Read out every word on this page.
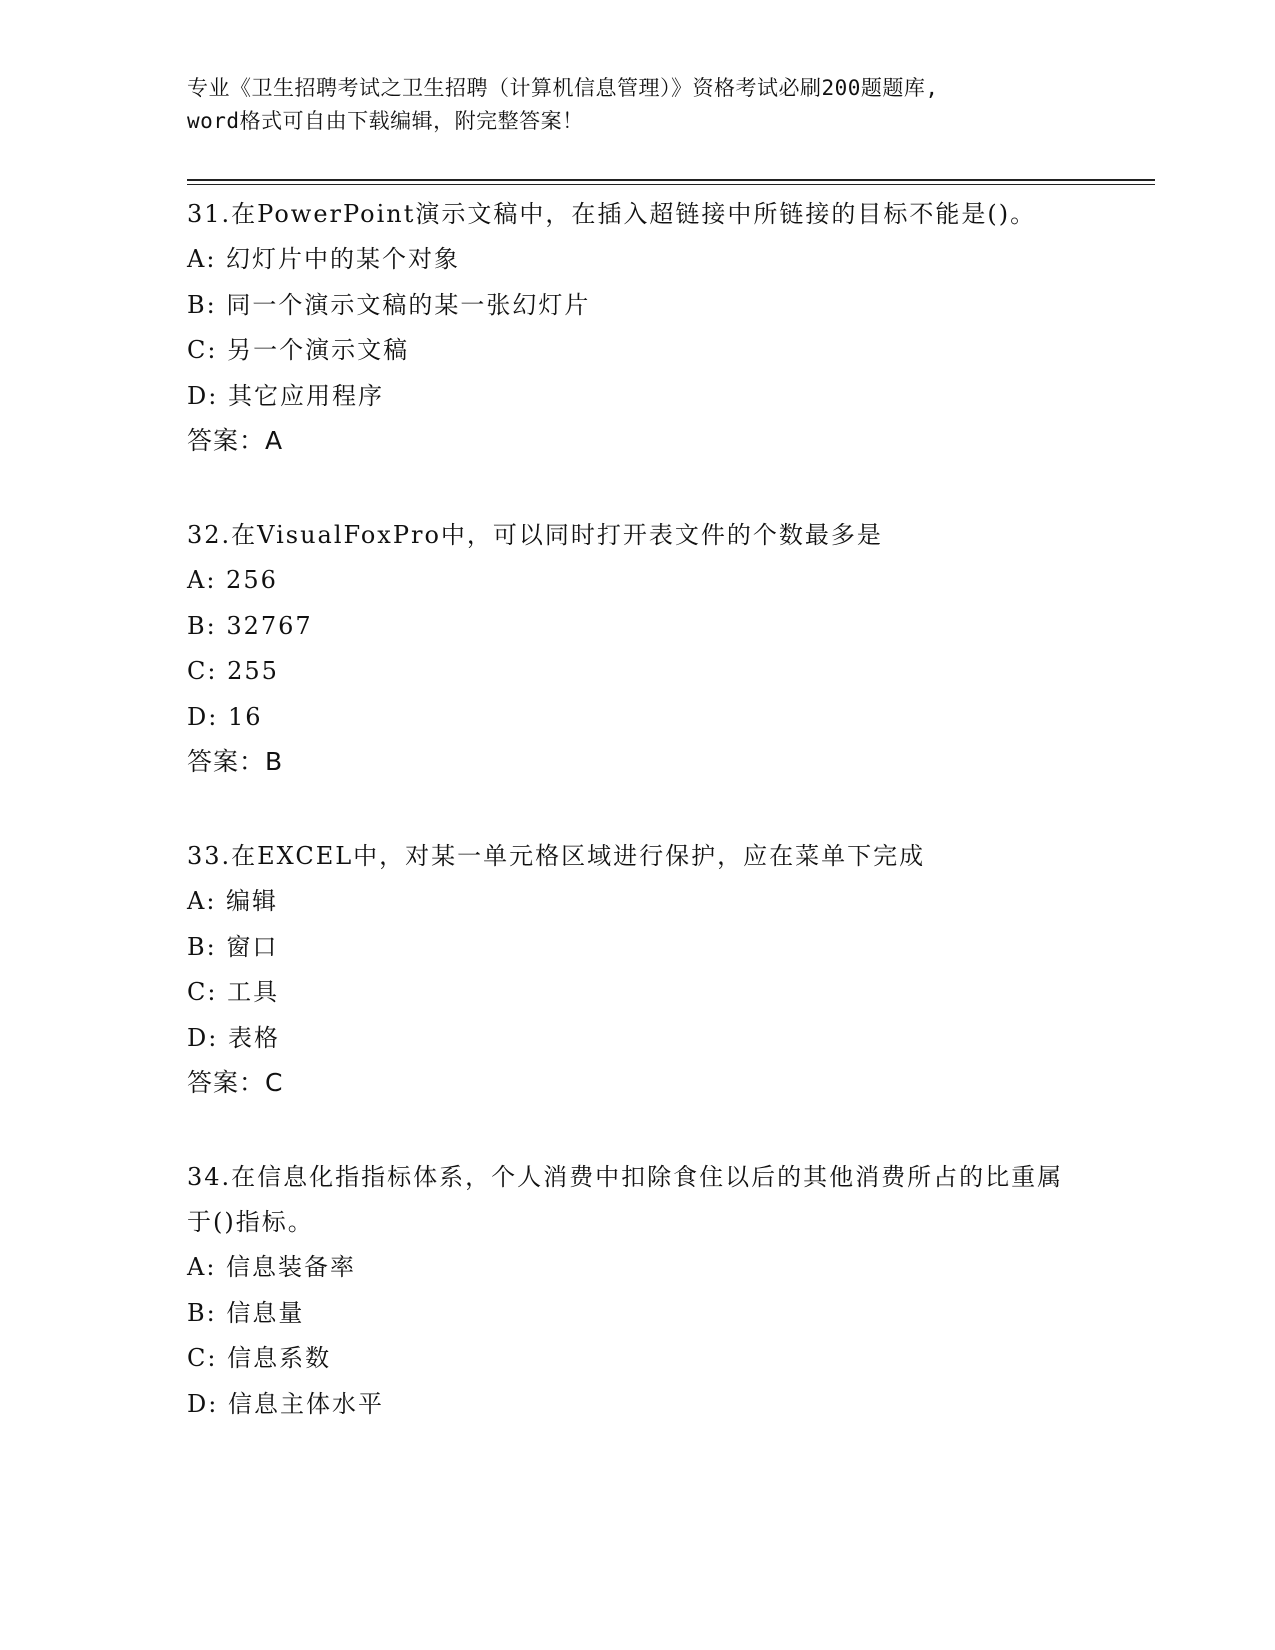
专业《卫生招聘考试之卫生招聘（计算机信息管理）》资格考试必刷200题题库,
word格式可自由下载编辑，附完整答案！
31.在PowerPoint演示文稿中，在插入超链接中所链接的目标不能是()。
A: 幻灯片中的某个对象
B: 同一个演示文稿的某一张幻灯片
C: 另一个演示文稿
D: 其它应用程序
答案：A
32.在VisualFoxPro中，可以同时打开表文件的个数最多是
A: 256
B: 32767
C: 255
D: 16
答案：B
33.在EXCEL中，对某一单元格区域进行保护，应在菜单下完成
A: 编辑
B: 窗口
C: 工具
D: 表格
答案：C
34.在信息化指指标体系，个人消费中扣除食住以后的其他消费所占的比重属于()指标。
A: 信息装备率
B: 信息量
C: 信息系数
D: 信息主体水平
